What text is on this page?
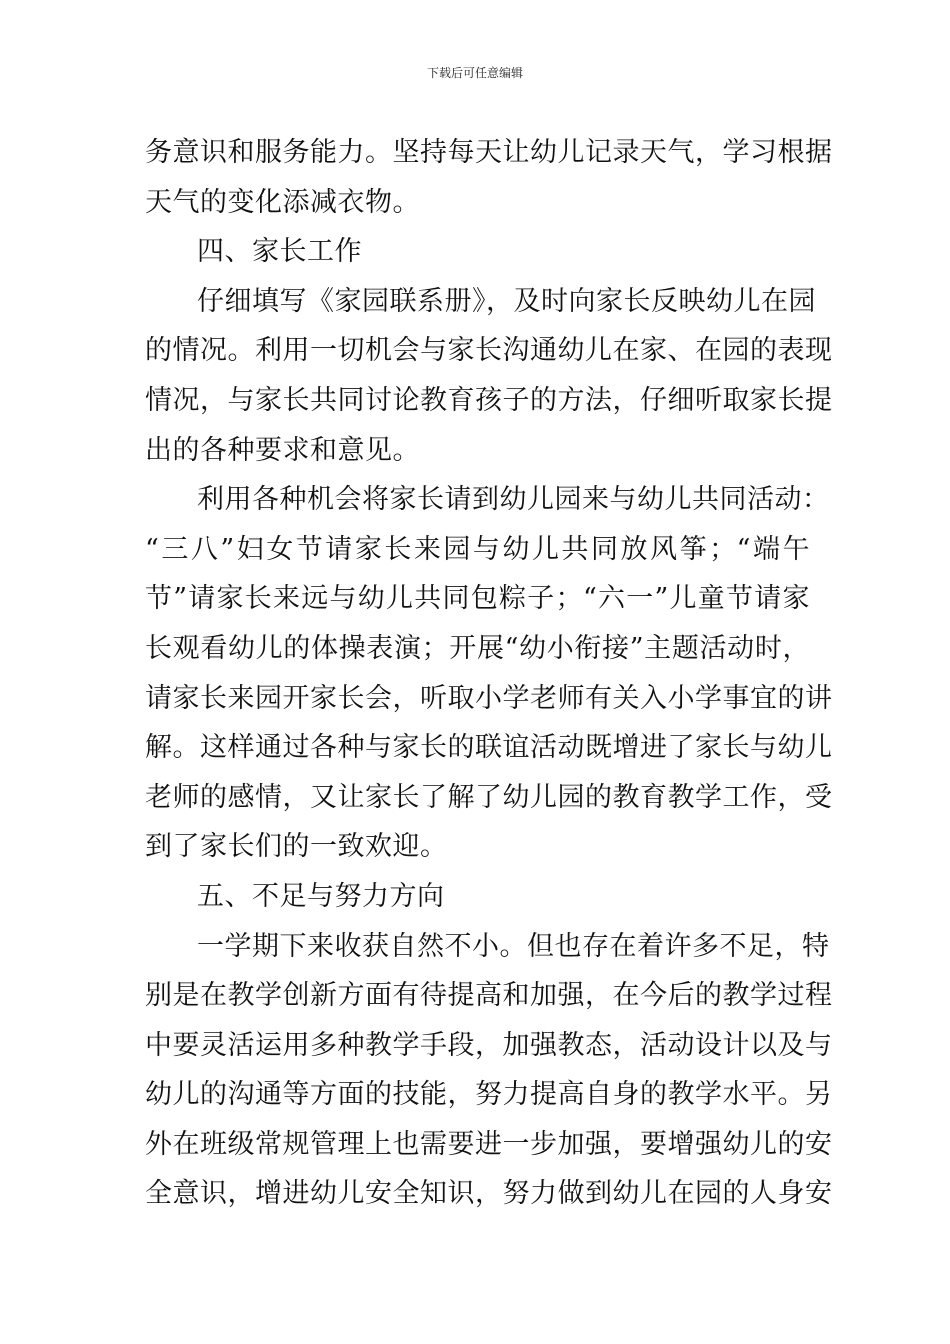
下载后可任意编辑
务意识和服务能力。坚持每天让幼儿记录天气，学习根据
天气的变化添减衣物。
四、家长工作
仔细填写《家园联系册》，及时向家长反映幼儿在园
的情况。利用一切机会与家长沟通幼儿在家、在园的表现
情况，与家长共同讨论教育孩子的方法，仔细听取家长提
出的各种要求和意见。
利用各种机会将家长请到幼儿园来与幼儿共同活动：
“三八”妇女节请家长来园与幼儿共同放风筝；“端午
节”请家长来远与幼儿共同包粽子；“六一”儿童节请家
长观看幼儿的体操表演；开展“幼小衔接”主题活动时，
请家长来园开家长会，听取小学老师有关入小学事宜的讲
解。这样通过各种与家长的联谊活动既增进了家长与幼儿
老师的感情，又让家长了解了幼儿园的教育教学工作，受
到了家长们的一致欢迎。
五、不足与努力方向
一学期下来收获自然不小。但也存在着许多不足，特
别是在教学创新方面有待提高和加强，在今后的教学过程
中要灵活运用多种教学手段，加强教态，活动设计以及与
幼儿的沟通等方面的技能，努力提高自身的教学水平。另
外在班级常规管理上也需要进一步加强，要增强幼儿的安
全意识，增进幼儿安全知识，努力做到幼儿在园的人身安
